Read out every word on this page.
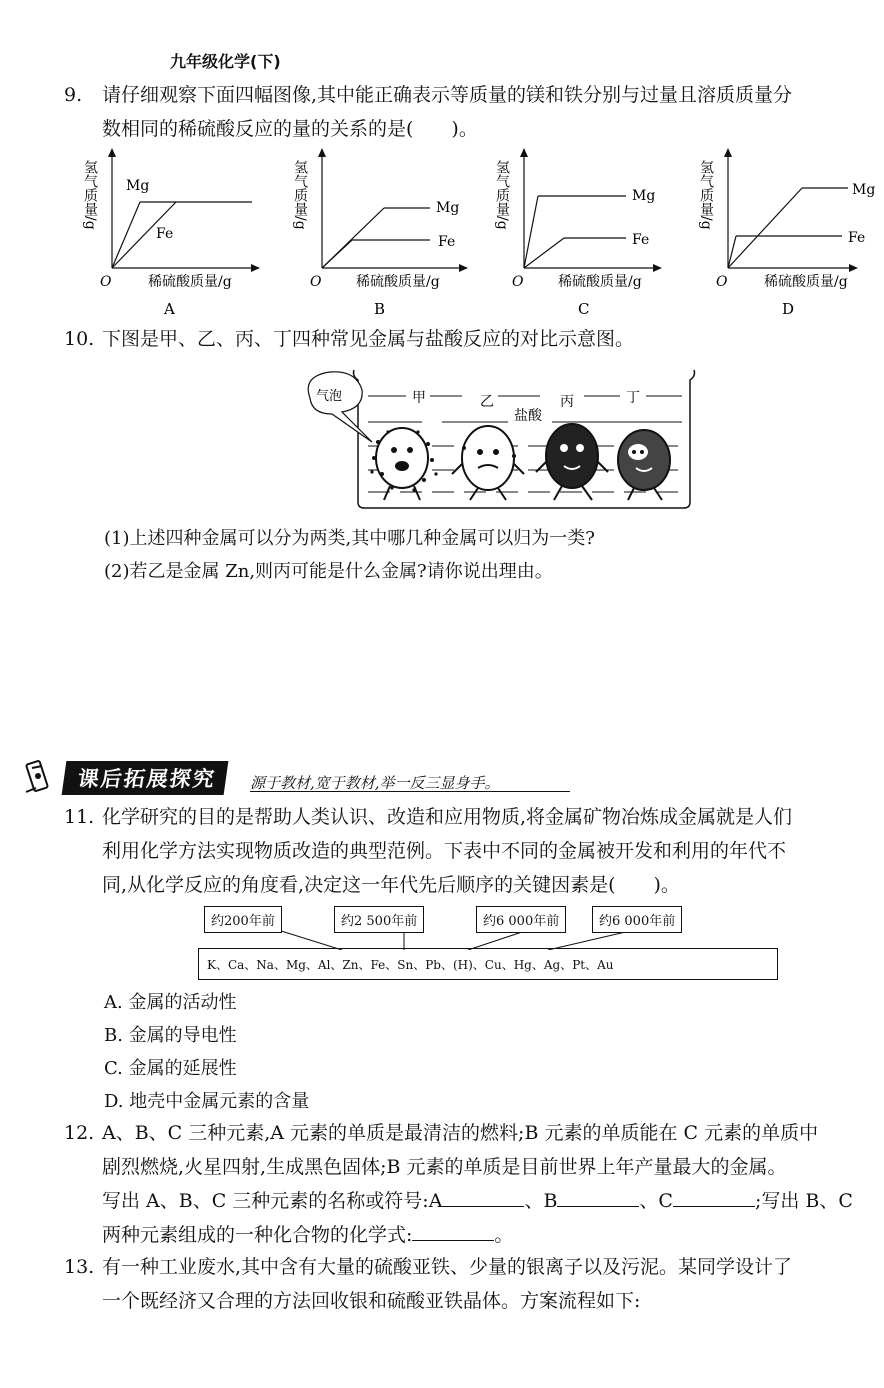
九年级化学(下)
9. 请仔细观察下面四幅图像,其中能正确表示等质量的镁和铁分别与过量且溶质质量分
数相同的稀硫酸反应的量的关系的是(　　)。
氢气质量/g Mg
Fe
O	稀硫酸质量/g
A
氢气质量/g	Mg
Fe
O 稀硫酸质量/g
B
氢气质量/g	Mg
Fe
O 稀硫酸质量/g
C
氢气质量/g	Mg
Fe
O	稀硫酸质量/g
D
10. 下图是甲、乙、丙、丁四种常见金属与盐酸反应的对比示意图。
甲	乙	丙	丁
盐酸
气泡
(1)上述四种金属可以分为两类,其中哪几种金属可以归为一类?
(2)若乙是金属 Zn,则丙可能是什么金属?请你说出理由。
课后拓展探究	源于教材,宽于教材,举一反三显身手。
11. 化学研究的目的是帮助人类认识、改造和应用物质,将金属矿物冶炼成金属就是人们
利用化学方法实现物质改造的典型范例。下表中不同的金属被开发和利用的年代不
同,从化学反应的角度看,决定这一年代先后顺序的关键因素是(　　)。
约200年前	约2 500年前	约6 000年前	约6 000年前
K、Ca、Na、Mg、Al、Zn、Fe、Sn、Pb、(H)、Cu、Hg、Ag、Pt、Au
A. 金属的活动性
B. 金属的导电性
C. 金属的延展性
D. 地壳中金属元素的含量
12. A、B、C 三种元素,A 元素的单质是最清洁的燃料;B 元素的单质能在 C 元素的单质中
剧烈燃烧,火星四射,生成黑色固体;B 元素的单质是目前世界上年产量最大的金属。
写出 A、B、C 三种元素的名称或符号:A	、B	、C	;写出 B、C
两种元素组成的一种化合物的化学式:	。
13. 有一种工业废水,其中含有大量的硫酸亚铁、少量的银离子以及污泥。某同学设计了
一个既经济又合理的方法回收银和硫酸亚铁晶体。方案流程如下:
